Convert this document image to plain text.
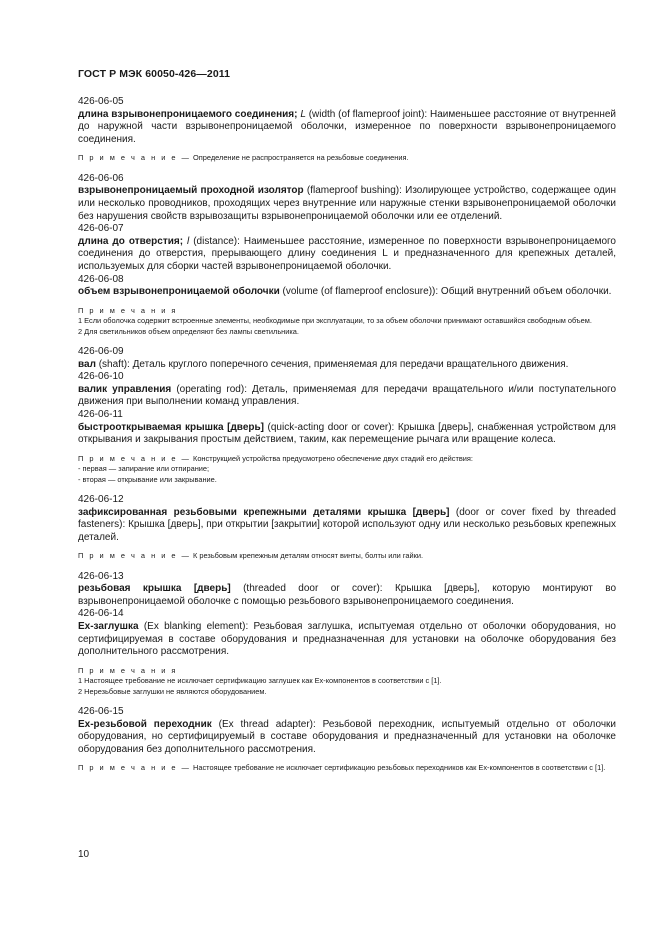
ГОСТ Р МЭК 60050-426—2011

426-06-05

длина взрывонепроницаемого соединения; L (width (of flameproof joint): Наименьшее расстояние от внутренней до наружной части взрывонепроницаемой оболочки, измеренное по поверхности взрывонепроницаемого соединения.

П р и м е ч а н и е — Определение не распространяется на резьбовые соединения.

426-06-06

взрывонепроницаемый проходной изолятор (flameproof bushing): Изолирующее устройство, содержащее один или несколько проводников, проходящих через внутренние или наружные стенки взрывонепроницаемой оболочки без нарушения свойств взрывозащиты взрывонепроницаемой оболочки или ее отделений.

426-06-07

длина до отверстия; l (distance): Наименьшее расстояние, измеренное по поверхности взрывонепроницаемого соединения до отверстия, прерывающего длину соединения L и предназначенного для крепежных деталей, используемых для сборки частей взрывонепроницаемой оболочки.

426-06-08

объем взрывонепроницаемой оболочки (volume (of flameproof enclosure)): Общий внутренний объем оболочки.

П р и м е ч а н и я

1 Если оболочка содержит встроенные элементы, необходимые при эксплуатации, то за объем оболочки принимают оставшийся свободным объем.

2 Для светильников объем определяют без лампы светильника.

426-06-09

вал (shaft): Деталь круглого поперечного сечения, применяемая для передачи вращательного движения.

426-06-10

валик управления (operating rod): Деталь, применяемая для передачи вращательного и/или поступательного движения при выполнении команд управления.

426-06-11

быстрооткрываемая крышка [дверь] (quick-acting door or cover): Крышка [дверь], снабженная устройством для открывания и закрывания простым действием, таким, как перемещение рычага или вращение колеса.

П р и м е ч а н и е — Конструкцией устройства предусмотрено обеспечение двух стадий его действия:

- первая — запирание или отпирание;

- вторая — открывание или закрывание.

426-06-12

зафиксированная резьбовыми крепежными деталями крышка [дверь] (door or cover fixed by threaded fasteners): Крышка [дверь], при открытии [закрытии] которой используют одну или несколько резьбовых крепежных деталей.

П р и м е ч а н и е — К резьбовым крепежным деталям относят винты, болты или гайки.

426-06-13

резьбовая крышка [дверь] (threaded door or cover): Крышка [дверь], которую монтируют во взрывонепроницаемой оболочке с помощью резьбового взрывонепроницаемого соединения.

426-06-14

Ex-заглушка (Ex blanking element): Резьбовая заглушка, испытуемая отдельно от оболочки оборудования, но сертифицируемая в составе оборудования и предназначенная для установки на оболочке оборудования без дополнительного рассмотрения.

П р и м е ч а н и я

1 Настоящее требование не исключает сертификацию заглушек как Ex-компонентов в соответствии с [1].

2 Нерезьбовые заглушки не являются оборудованием.

426-06-15

Ex-резьбовой переходник (Ex thread adapter): Резьбовой переходник, испытуемый отдельно от оболочки оборудования, но сертифицируемый в составе оборудования и предназначенный для установки на оболочке оборудования без дополнительного рассмотрения.

П р и м е ч а н и е — Настоящее требование не исключает сертификацию резьбовых переходников как Ex-компонентов в соответствии с [1].

10
